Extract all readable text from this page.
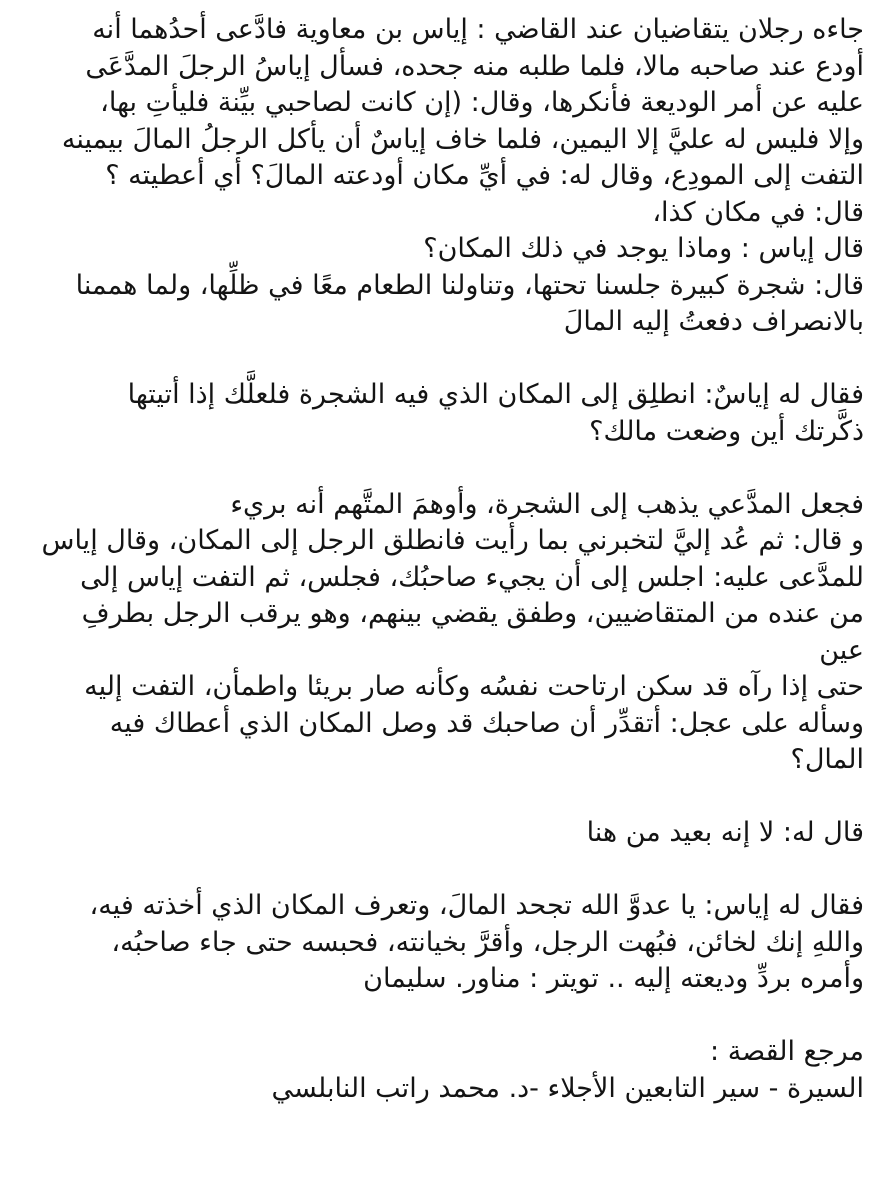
جاءه رجلان يتقاضيان عند القاضي : إياس بن معاوية فادَّعى أحدُهما أنه
أودع عند صاحبه مالا، فلما طلبه منه جحده، فسأل إياسُ الرجلَ المدَّعَى
عليه عن أمر الوديعة فأنكرها، وقال: (إن كانت لصاحبي بيِّنة فليأتِ بها،
وإلا فليس له عليَّ إلا اليمين، فلما خاف إياسٌ أن يأكل الرجلُ المالَ بيمينه
التفت إلى المودِع، وقال له: في أيِّ مكان أودعته المالَ؟ أي أعطيته ؟
قال: في مكان كذا،
قال إياس : وماذا يوجد في ذلك المكان؟
قال: شجرة كبيرة جلسنا تحتها، وتناولنا الطعام معًا في ظلِّها، ولما هممنا
بالانصراف دفعتُ إليه المالَ
فقال له إياسٌ: انطلِق إلى المكان الذي فيه الشجرة فلعلَّك إذا أتيتها
ذكَّرتك أين وضعت مالك؟
فجعل المدَّعي يذهب إلى الشجرة، وأوهمَ المتَّهم أنه بريء
و قال: ثم عُد إليَّ لتخبرني بما رأيت فانطلق الرجل إلى المكان، وقال إياس
للمدَّعى عليه: اجلس إلى أن يجيء صاحبُك، فجلس، ثم التفت إياس إلى
من عنده من المتقاضيين، وطفق يقضي بينهم، وهو يرقب الرجل بطرفِ
عين
حتى إذا رآه قد سكن ارتاحت نفسُه وكأنه صار بريئا واطمأن، التفت إليه
وسأله على عجل: أتقدِّر أن صاحبك قد وصل المكان الذي أعطاك فيه
المال؟
قال له: لا إنه بعيد من هنا
فقال له إياس: يا عدوَّ الله تجحد المالَ، وتعرف المكان الذي أخذته فيه،
واللهِ إنك لخائن، فبُهت الرجل، وأقرَّ بخيانته، فحبسه حتى جاء صاحبُه،
وأمره بردِّ وديعته إليه .. تويتر : مناور. سليمان
مرجع القصة :
السيرة - سير التابعين الأجلاء -د. محمد راتب النابلسي
